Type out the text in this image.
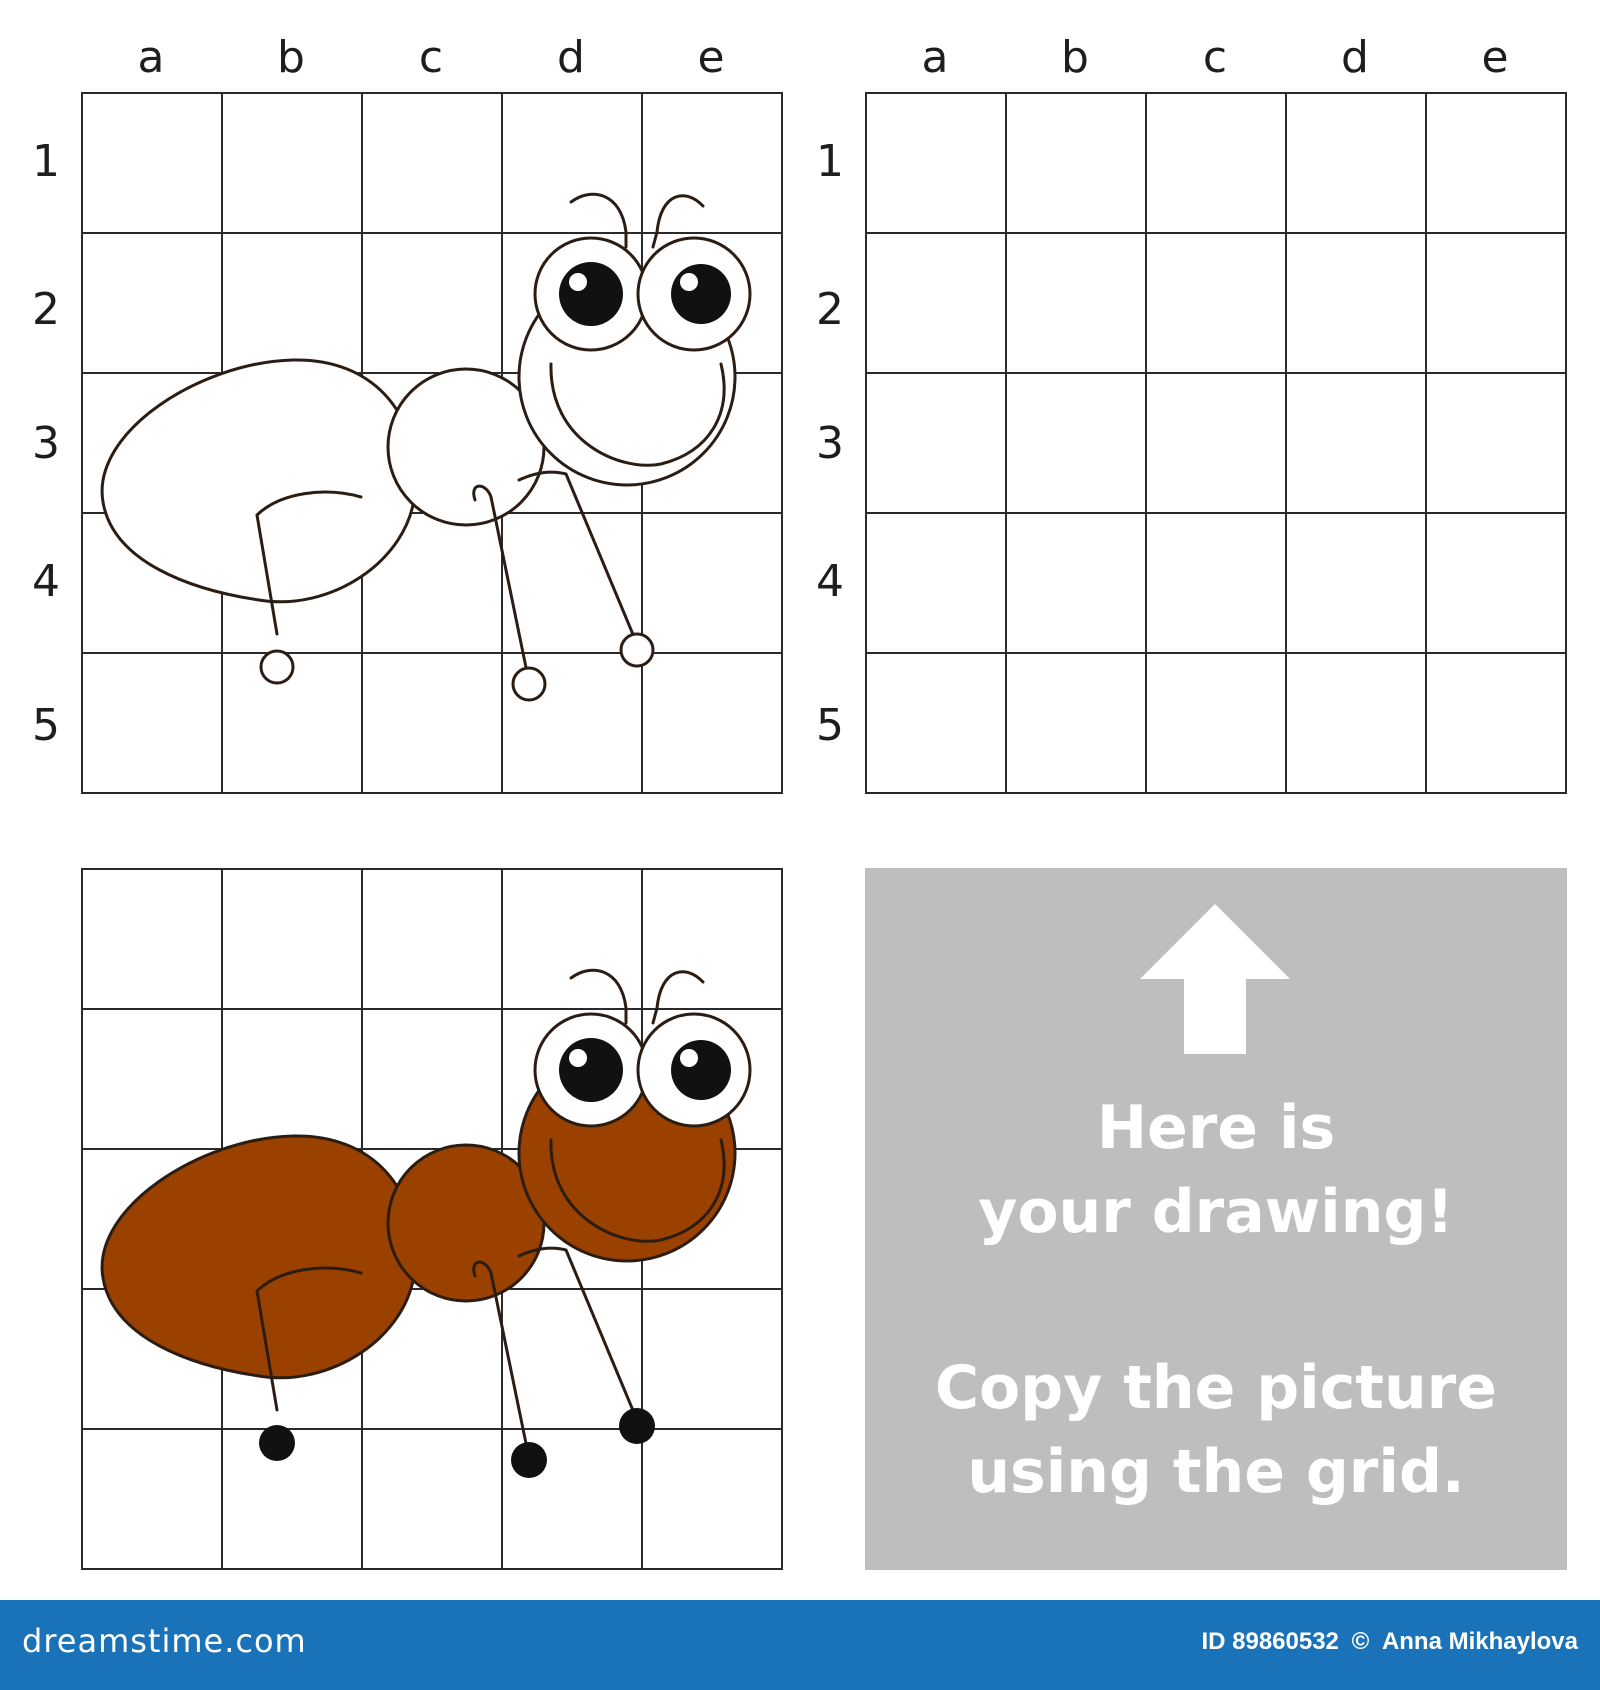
a	b	c	d	e	a	b	c	d	e
1
2
3
4
5
1
2
3
4
5
Here is
your drawing!
Copy the picture
using the grid.
dreamstime.com	ID 89860532 © Anna Mikhaylova
